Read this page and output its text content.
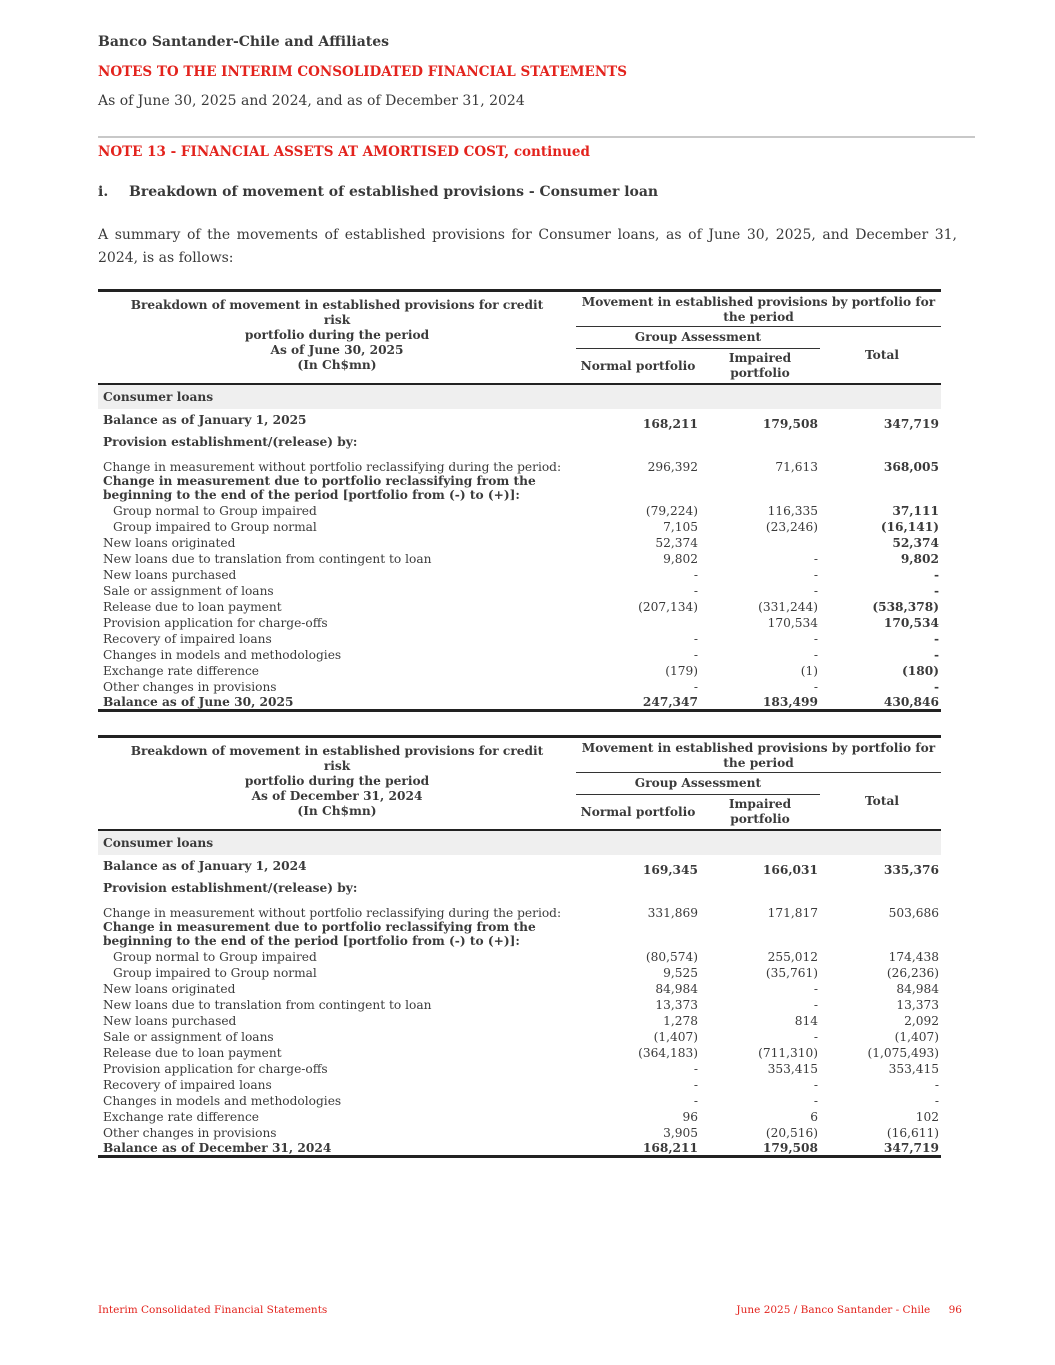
Banco Santander-Chile and Affiliates
NOTES TO THE INTERIM CONSOLIDATED FINANCIAL STATEMENTS
As of June 30, 2025 and 2024, and as of December 31, 2024
NOTE 13 - FINANCIAL ASSETS AT AMORTISED COST, continued
i. Breakdown of movement of established provisions - Consumer loan
A summary of the movements of established provisions for Consumer loans, as of June 30, 2025, and December 31, 2024, is as follows:
Breakdown of movement in established provisions for credit risk
portfolio during the period
As of June 30, 2025
(In Ch$mn)	Movement in established provisions by portfolio for the period		
	Group Assessment		Total
	Normal portfolio	Impaired portfolio	
Consumer loans			
Balance as of January 1, 2025	168,211	179,508	347,719
Provision establishment/(release) by:			
Change in measurement without portfolio reclassifying during the period:	296,392	71,613	368,005
Change in measurement due to portfolio reclassifying from the beginning to the end of the period [portfolio from (-) to (+)]:			
Group normal to Group impaired	(79,224)	116,335	37,111
Group impaired to Group normal	7,105	(23,246)	(16,141)
New loans originated	52,374		52,374
New loans due to translation from contingent to loan	9,802	-	9,802
New loans purchased	-	-	-
Sale or assignment of loans	-	-	-
Release due to loan payment	(207,134)	(331,244)	(538,378)
Provision application for charge-offs		170,534	170,534
Recovery of impaired loans	-	-	-
Changes in models and methodologies	-	-	-
Exchange rate difference	(179)	(1)	(180)
Other changes in provisions	-	-	-
Balance as of June 30, 2025	247,347	183,499	430,846
Breakdown of movement in established provisions for credit risk
portfolio during the period
As of December 31, 2024
(In Ch$mn)	Movement in established provisions by portfolio for the period		
	Group Assessment		Total
	Normal portfolio	Impaired portfolio	
Consumer loans			
Balance as of January 1, 2024	169,345	166,031	335,376
Provision establishment/(release) by:			
Change in measurement without portfolio reclassifying during the period:	331,869	171,817	503,686
Change in measurement due to portfolio reclassifying from the beginning to the end of the period [portfolio from (-) to (+)]:			
Group normal to Group impaired	(80,574)	255,012	174,438
Group impaired to Group normal	9,525	(35,761)	(26,236)
New loans originated	84,984	-	84,984
New loans due to translation from contingent to loan	13,373	-	13,373
New loans purchased	1,278	814	2,092
Sale or assignment of loans	(1,407)	-	(1,407)
Release due to loan payment	(364,183)	(711,310)	(1,075,493)
Provision application for charge-offs	-	353,415	353,415
Recovery of impaired loans	-	-	-
Changes in models and methodologies	-	-	-
Exchange rate difference	96	6	102
Other changes in provisions	3,905	(20,516)	(16,611)
Balance as of December 31, 2024	168,211	179,508	347,719
Interim Consolidated Financial Statements	June 2025 / Banco Santander - Chile 96
